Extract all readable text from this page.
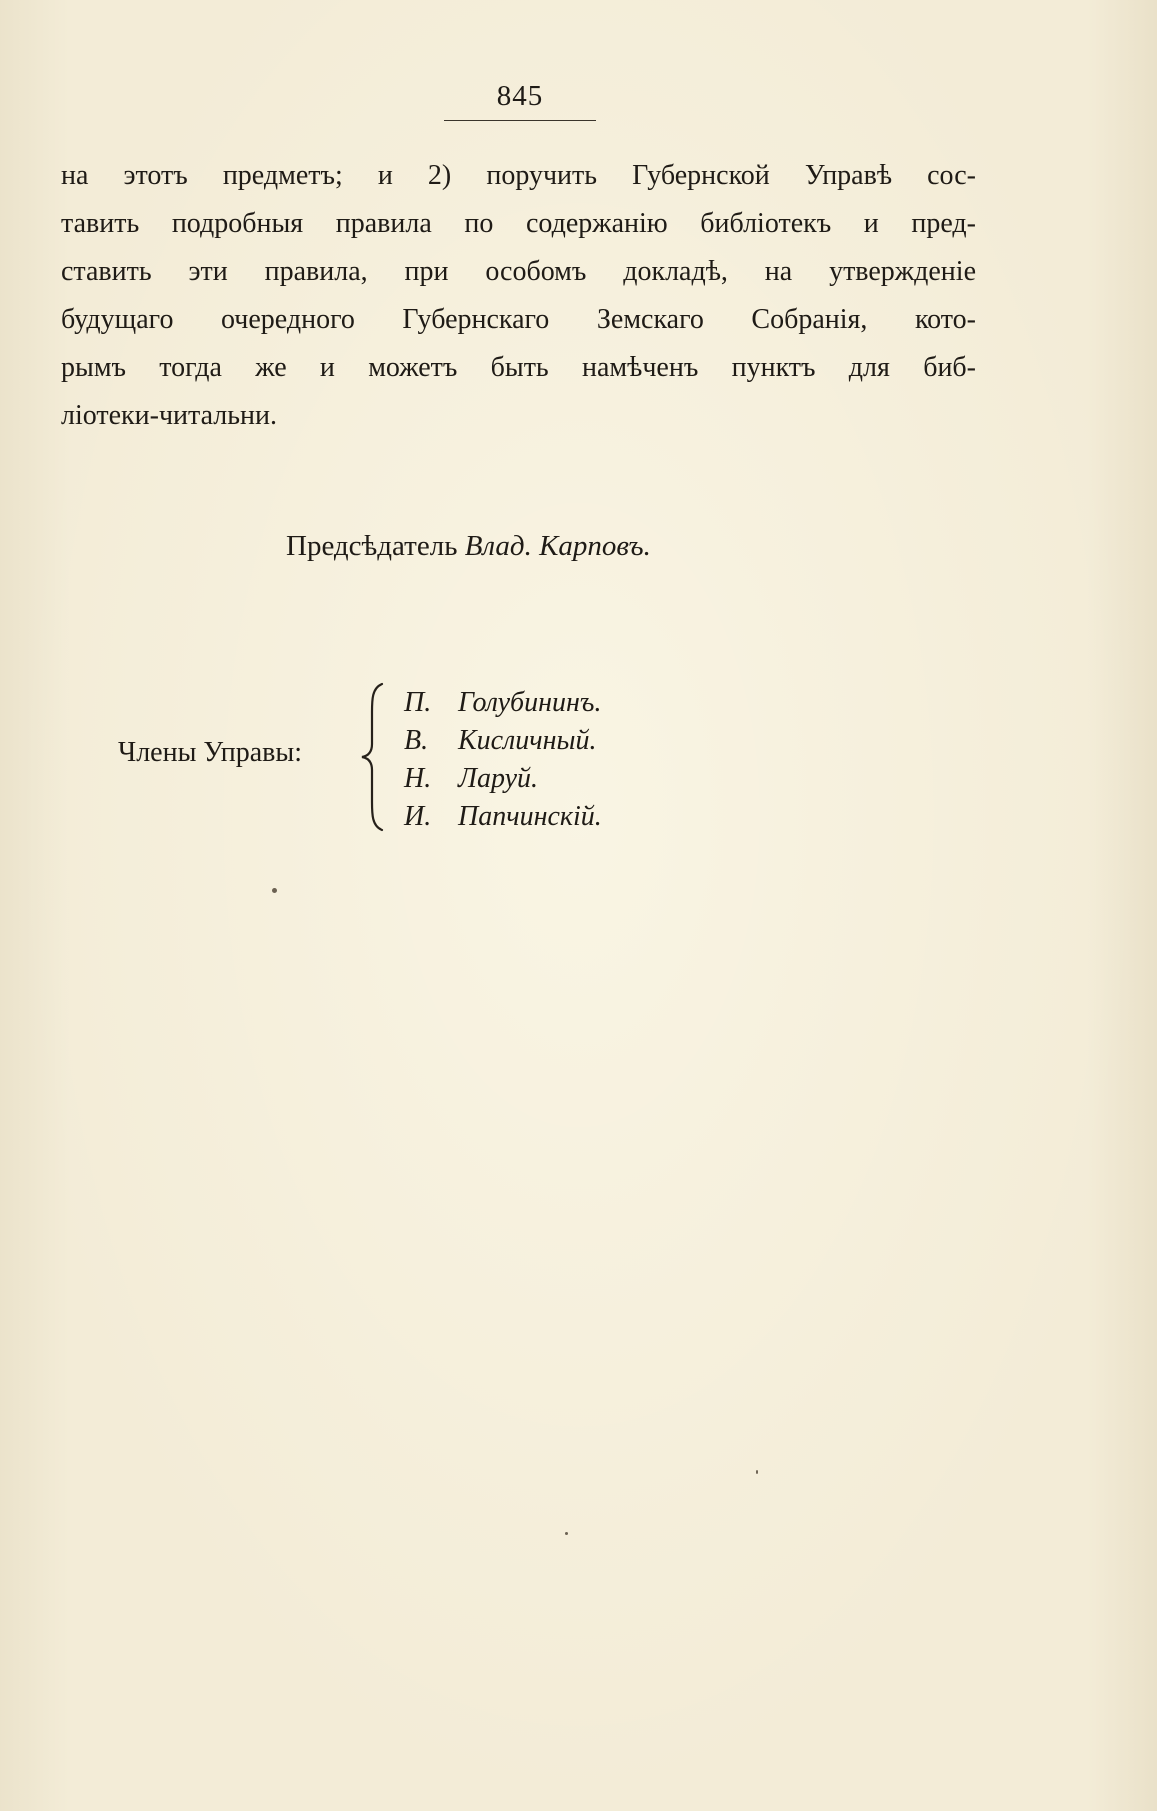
845
на этотъ предметъ; и 2) поручить Губернской Управѣ сос-
тавить подробныя правила по содержанію библіотекъ и пред-
ставить эти правила, при особомъ докладѣ, на утвержденіе
будущаго очередного Губернскаго Земскаго Собранія, кото-
рымъ тогда же и можетъ быть намѣченъ пунктъ для биб-
ліотеки-читальни.
Предсѣдатель Влад. Карповъ.
Члены Управы:
П. Голубининъ.
В. Кисличный.
Н. Ларуй.
И. Папчинскій.
